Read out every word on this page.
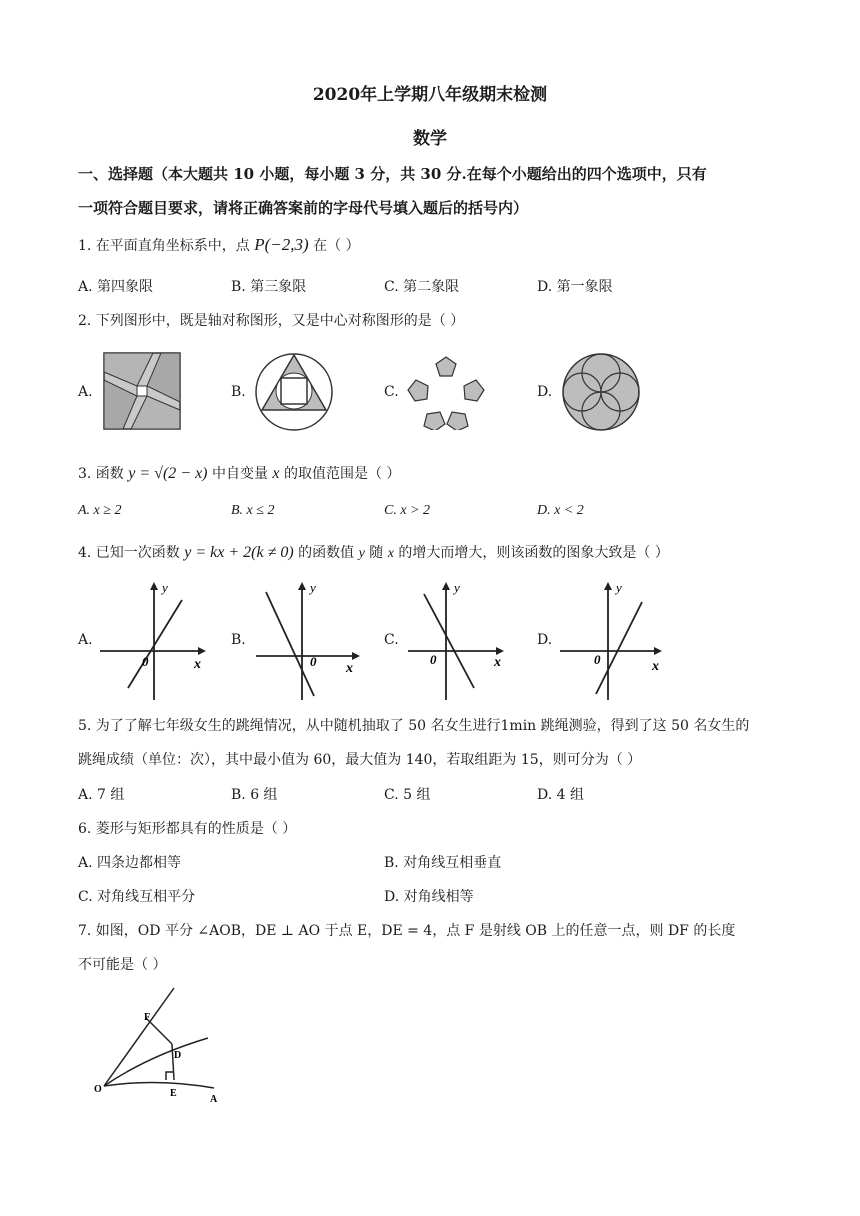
2020年上学期八年级期末检测
数学
一、选择题（本大题共 10 小题，每小题 3 分，共 30 分.在每个小题给出的四个选项中，只有
一项符合题目要求，请将正确答案前的字母代号填入题后的括号内）
1. 在平面直角坐标系中，点 P(−2,3) 在（ ）
A. 第四象限	B. 第三象限	C. 第二象限	D. 第一象限
2. 下列图形中，既是轴对称图形，又是中心对称图形的是（ ）
A.	B.	C.	D.
3. 函数 y = √(2 − x) 中自变量 x 的取值范围是（ ）
A. x ≥ 2	B. x ≤ 2	C. x > 2	D. x < 2
4. 已知一次函数 y = kx + 2(k ≠ 0) 的函数值 y 随 x 的增大而增大，则该函数的图象大致是（ ）
A.
y
x
0
B.
y
x
0
C.
y
x
0
D.
y
x
0
5. 为了了解七年级女生的跳绳情况，从中随机抽取了 50 名女生进行1min 跳绳测验，得到了这 50 名女生的
跳绳成绩（单位：次），其中最小值为 60，最大值为 140，若取组距为 15，则可分为（ ）
A. 7 组	B. 6 组	C. 5 组	D. 4 组
6. 菱形与矩形都具有的性质是（ ）
A. 四条边都相等	B. 对角线互相垂直
C. 对角线互相平分	D. 对角线相等
7. 如图，OD 平分 ∠AOB，DE ⊥ AO 于点 E，DE = 4，点 F 是射线 OB 上的任意一点，则 DF 的长度
不可能是（ ）
F
D
O	E
A
